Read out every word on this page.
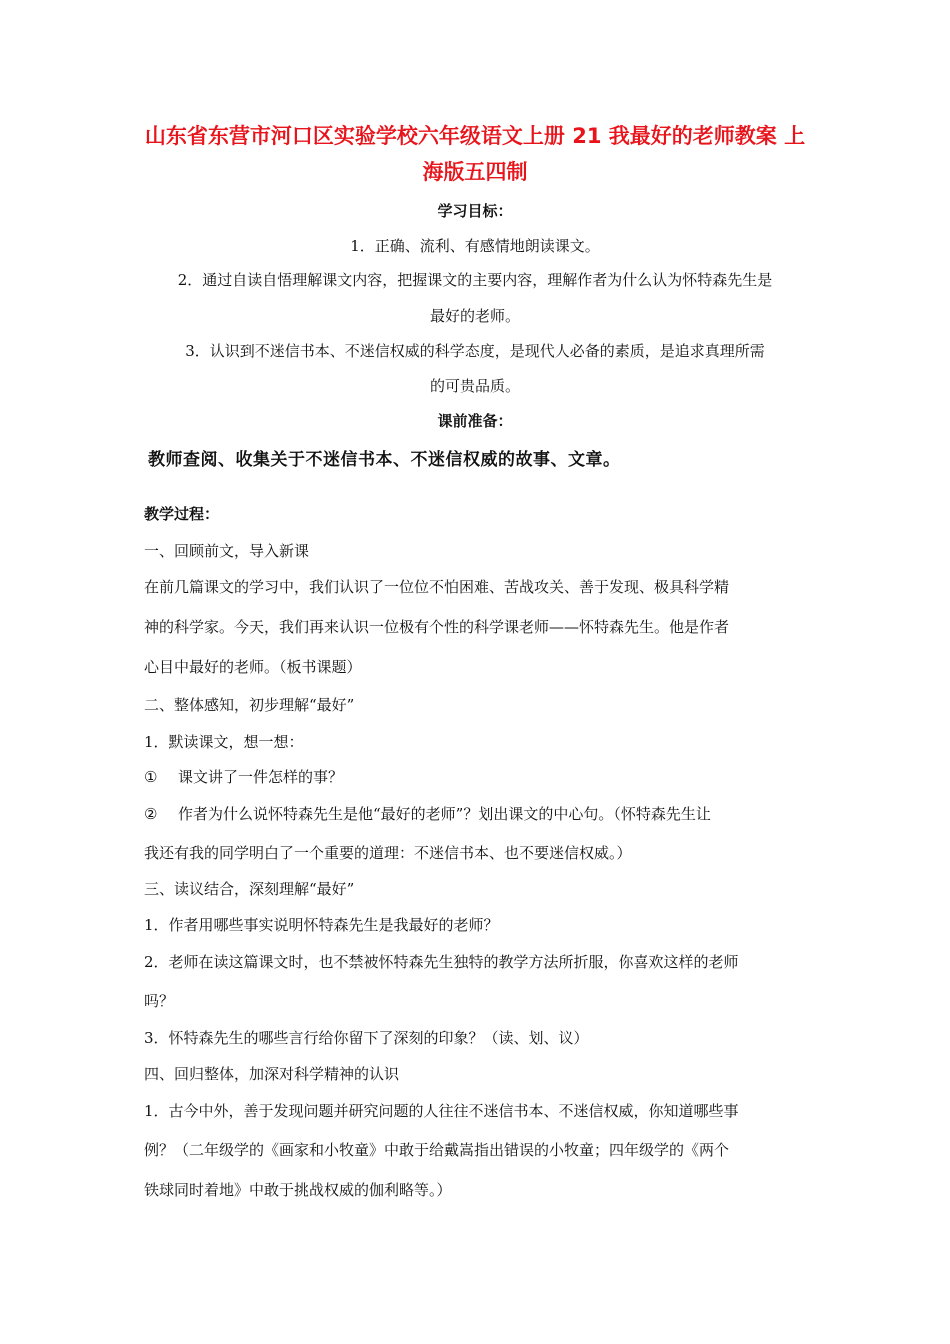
山东省东营市河口区实验学校六年级语文上册 21 我最好的老师教案 上海版五四制

学习目标：

1．正确、流利、有感情地朗读课文。

2．通过自读自悟理解课文内容，把握课文的主要内容，理解作者为什么认为怀特森先生是

最好的老师。

3．认识到不迷信书本、不迷信权威的科学态度，是现代人必备的素质，是追求真理所需

的可贵品质。

课前准备：

教师查阅、收集关于不迷信书本、不迷信权威的故事、文章。

教学过程：

一、回顾前文，导入新课

在前几篇课文的学习中，我们认识了一位位不怕困难、苦战攻关、善于发现、极具科学精

神的科学家。今天，我们再来认识一位极有个性的科学课老师——怀特森先生。他是作者

心目中最好的老师。（板书课题）

二、整体感知，初步理解“最好”

1．默读课文，想一想：

① 课文讲了一件怎样的事？

② 作者为什么说怀特森先生是他“最好的老师”？划出课文的中心句。（怀特森先生让

我还有我的同学明白了一个重要的道理：不迷信书本、也不要迷信权威。）

三、读议结合，深刻理解“最好”

1．作者用哪些事实说明怀特森先生是我最好的老师？

2．老师在读这篇课文时，也不禁被怀特森先生独特的教学方法所折服，你喜欢这样的老师

吗？

3．怀特森先生的哪些言行给你留下了深刻的印象？（读、划、议）

四、回归整体，加深对科学精神的认识

1．古今中外，善于发现问题并研究问题的人往往不迷信书本、不迷信权威，你知道哪些事

例？（二年级学的《画家和小牧童》中敢于给戴嵩指出错误的小牧童；四年级学的《两个

铁球同时着地》中敢于挑战权威的伽利略等。）
